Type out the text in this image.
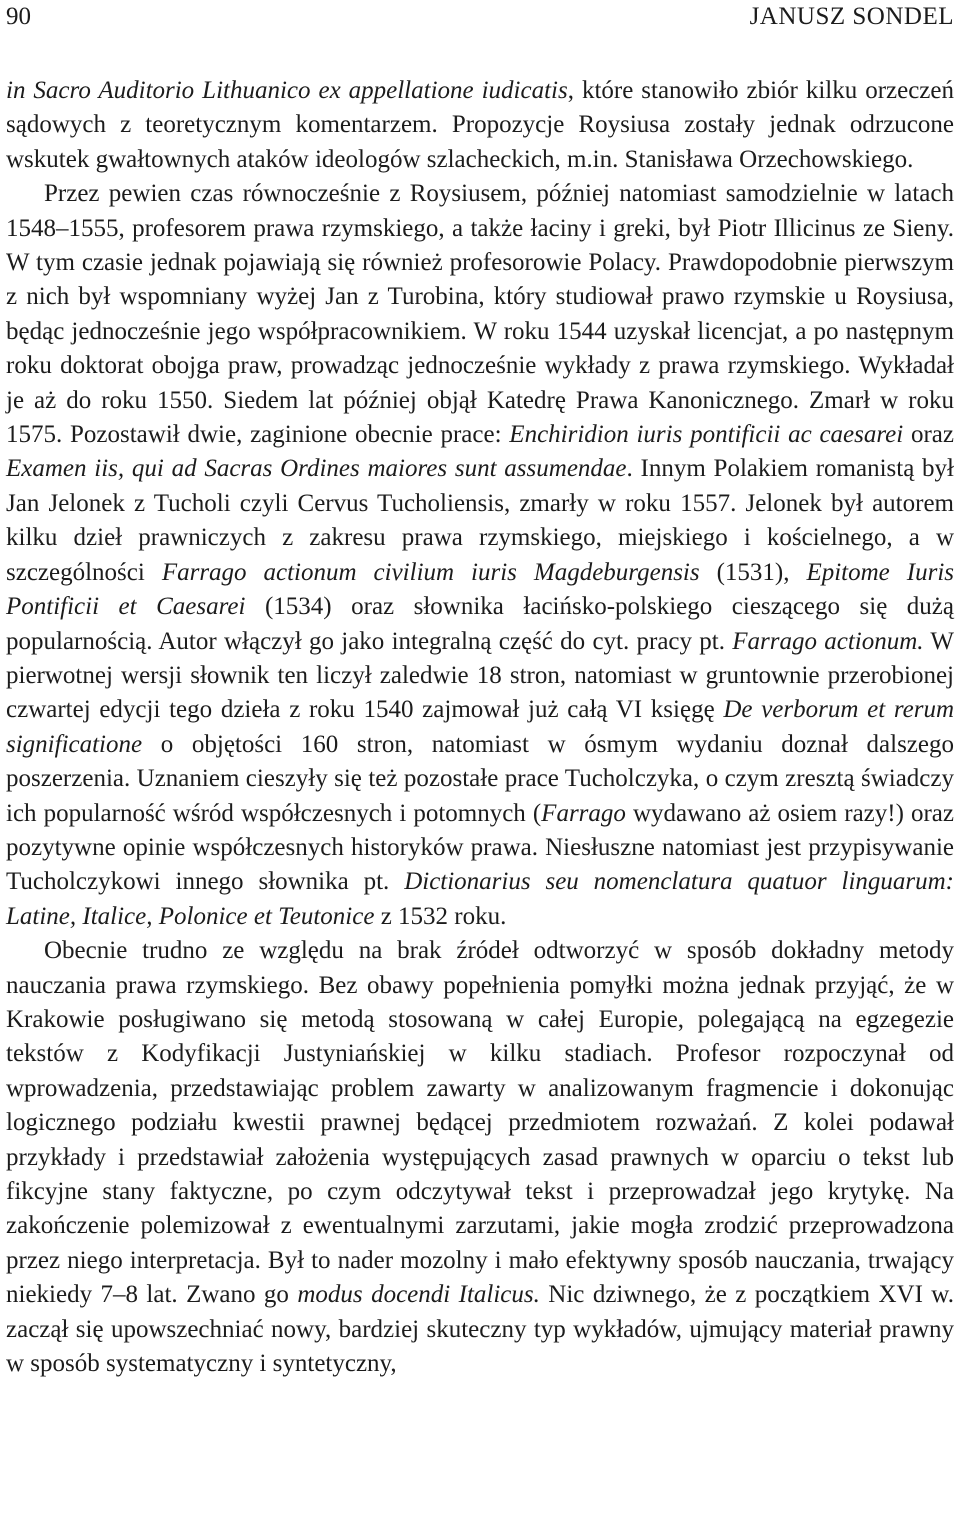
90	JANUSZ SONDEL

in Sacro Auditorio Lithuanico ex appellatione iudicatis, które stanowiło zbiór kilku orzeczeń sądowych z teoretycznym komentarzem. Propozycje Roysiusa zostały jednak odrzucone wskutek gwałtownych ataków ideologów szlacheckich, m.in. Stanisława Orzechowskiego.

Przez pewien czas równocześnie z Roysiusem, później natomiast samodzielnie w latach 1548–1555, profesorem prawa rzymskiego, a także łaciny i greki, był Piotr Illicinus ze Sieny. W tym czasie jednak pojawiają się również profesorowie Polacy. Prawdopodobnie pierwszym z nich był wspomniany wyżej Jan z Turobina, który studiował prawo rzymskie u Roysiusa, będąc jednocześnie jego współpracownikiem. W roku 1544 uzyskał licencjat, a po następnym roku doktorat obojga praw, prowadząc jednocześnie wykłady z prawa rzymskiego. Wykładał je aż do roku 1550. Siedem lat później objął Katedrę Prawa Kanonicznego. Zmarł w roku 1575. Pozostawił dwie, zaginione obecnie prace: Enchiridion iuris pontificii ac caesarei oraz Examen iis, qui ad Sacras Ordines maiores sunt assumendae. Innym Polakiem romanistą był Jan Jelonek z Tucholi czyli Cervus Tucholiensis, zmarły w roku 1557. Jelonek był autorem kilku dzieł prawniczych z zakresu prawa rzymskiego, miejskiego i kościelnego, a w szczególności Farrago actionum civilium iuris Magdeburgensis (1531), Epitome Iuris Pontificii et Caesarei (1534) oraz słownika łacińsko-polskiego cieszącego się dużą popularnością. Autor włączył go jako integralną część do cyt. pracy pt. Farrago actionum. W pierwotnej wersji słownik ten liczył zaledwie 18 stron, natomiast w gruntownie przerobionej czwartej edycji tego dzieła z roku 1540 zajmował już całą VI księgę De verborum et rerum significatione o objętości 160 stron, natomiast w ósmym wydaniu doznał dalszego poszerzenia. Uznaniem cieszyły się też pozostałe prace Tucholczyka, o czym zresztą świadczy ich popularność wśród współczesnych i potomnych (Farrago wydawano aż osiem razy!) oraz pozytywne opinie współczesnych historyków prawa. Niesłuszne natomiast jest przypisywanie Tucholczykowi innego słownika pt. Dictionarius seu nomenclatura quatuor linguarum: Latine, Italice, Polonice et Teutonice z 1532 roku.

Obecnie trudno ze względu na brak źródeł odtworzyć w sposób dokładny metody nauczania prawa rzymskiego. Bez obawy popełnienia pomyłki można jednak przyjąć, że w Krakowie posługiwano się metodą stosowaną w całej Europie, polegającą na egzegezie tekstów z Kodyfikacji Justyniańskiej w kilku stadiach. Profesor rozpoczynał od wprowadzenia, przedstawiając problem zawarty w analizowanym fragmencie i dokonując logicznego podziału kwestii prawnej będącej przedmiotem rozważań. Z kolei podawał przykłady i przedstawiał założenia występujących zasad prawnych w oparciu o tekst lub fikcyjne stany faktyczne, po czym odczytywał tekst i przeprowadzał jego krytykę. Na zakończenie polemizował z ewentualnymi zarzutami, jakie mogła zrodzić przeprowadzona przez niego interpretacja. Był to nader mozolny i mało efektywny sposób nauczania, trwający niekiedy 7–8 lat. Zwano go modus docendi Italicus. Nic dziwnego, że z początkiem XVI w. zaczął się upowszechniać nowy, bardziej skuteczny typ wykładów, ujmujący materiał prawny w sposób systematyczny i syntetyczny,
